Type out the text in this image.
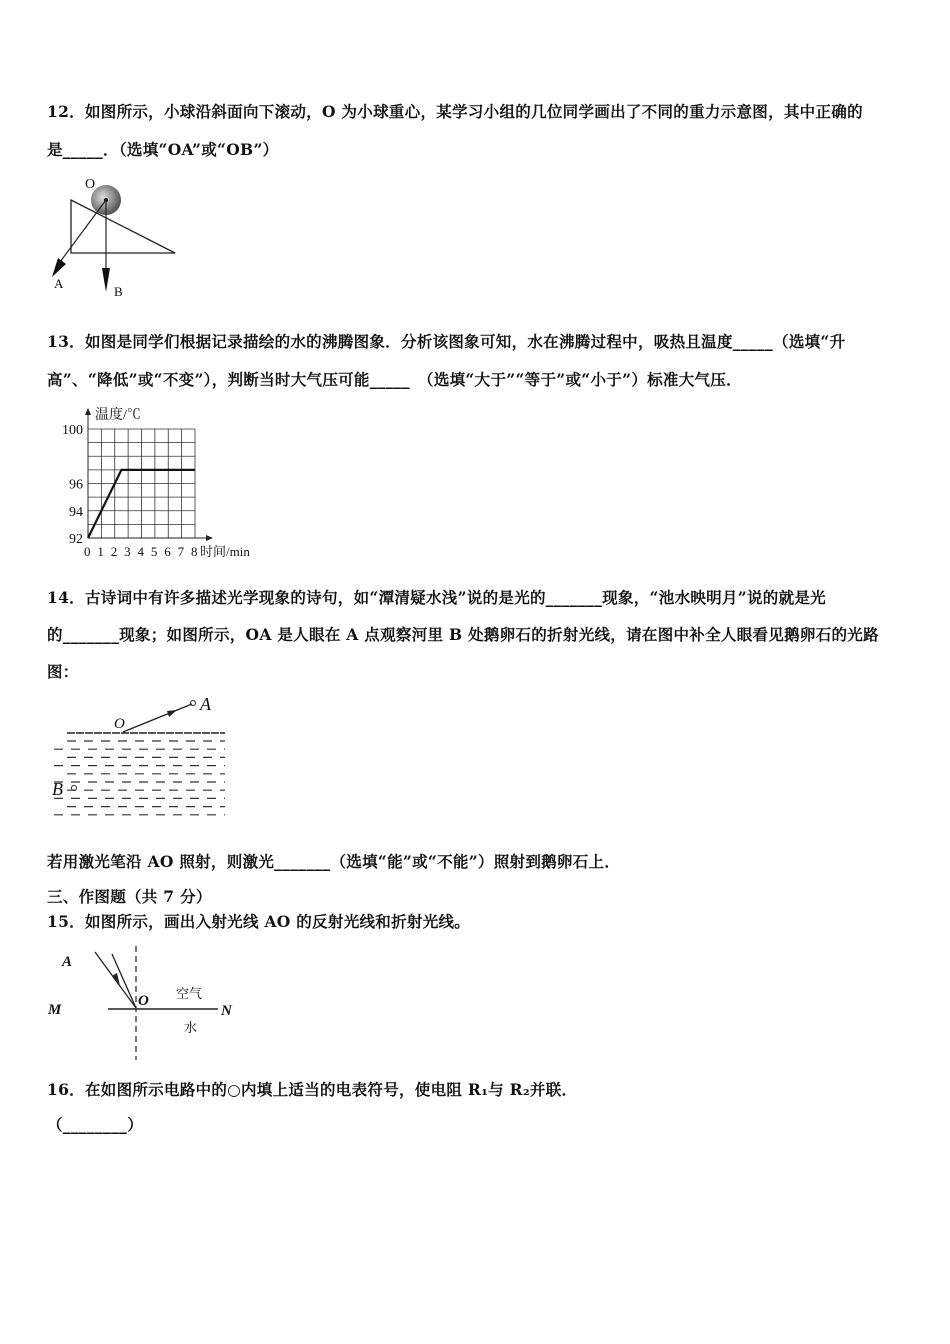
12．如图所示，小球沿斜面向下滚动，O 为小球重心，某学习小组的几位同学画出了不同的重力示意图，其中正确的
是_____．（选填“OA”或“OB”）
O
A
B
13．如图是同学们根据记录描绘的水的沸腾图象．分析该图象可知，水在沸腾过程中，吸热且温度_____（选填“升
高”、“降低”或“不变”），判断当时大气压可能_____　（选填“大于”“等于”或“小于”）标准大气压．
温度/℃
时间/min
0 1 2 3 4 5 6 7 8
100
96
94
92
14．古诗词中有许多描述光学现象的诗句，如“潭清疑水浅”说的是光的_______现象，“池水映明月”说的就是光
的_______现象；如图所示，OA 是人眼在 A 点观察河里 B 处鹅卵石的折射光线，请在图中补全人眼看见鹅卵石的光路
图：
O
A
B
若用激光笔沿 AO 照射，则激光_______（选填“能”或“不能”）照射到鹅卵石上．
三、作图题（共 7 分）
15．如图所示，画出入射光线 AO 的反射光线和折射光线。
A
O
M	N
空气
水
16．在如图所示电路中的○内填上适当的电表符号，使电阻 R₁与 R₂并联．
（________）
